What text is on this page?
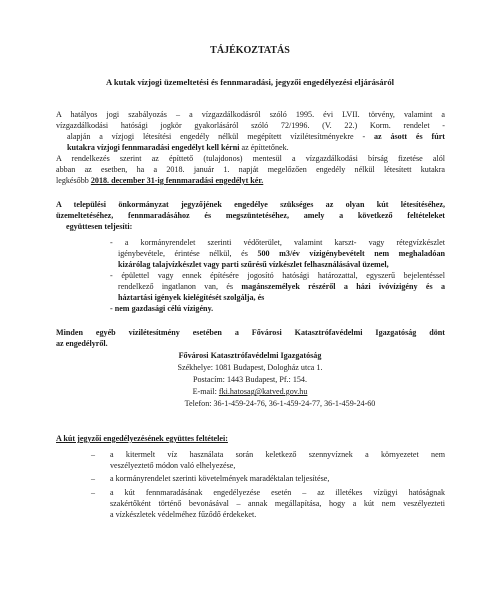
TÁJÉKOZTATÁS
A kutak vízjogi üzemeltetési és fennmaradási, jegyzői engedélyezési eljárásáról
A hatályos jogi szabályozás – a vízgazdálkodásról szóló 1995. évi LVII. törvény, valamint a
vízgazdálkodási hatósági jogkör gyakorlásáról szóló 72/1996. (V. 22.) Korm. rendelet -
alapján a vízjogi létesítési engedély nélkül megépített vízilétesítményekre - az ásott és fúrt
kutakra vízjogi fennmaradási engedélyt kell kérni az építtetőnek.
A rendelkezés szerint az építtető (tulajdonos) mentesül a vízgazdálkodási bírság fizetése alól
abban az esetben, ha a 2018. január 1. napját megelőzően engedély nélkül létesített kutakra
legkésőbb 2018. december 31-ig fennmaradási engedélyt kér.
A települési önkormányzat jegyzőjének engedélye szükséges az olyan kút létesítéséhez,
üzemeltetéséhez, fennmaradásához és megszüntetéséhez, amely a következő feltételeket
együttesen teljesíti:
- a kormányrendelet szerinti védőterület, valamint karszt- vagy rétegvízkészlet
igénybevétele, érintése nélkül, és 500 m3/év vízigénybevételt nem meghaladóan
kizárólag talajvízkészlet vagy parti szűrésű vízkészlet felhasználásával üzemel,
- épülettel vagy ennek építésére jogosító hatósági határozattal, egyszerű bejelentéssel
rendelkező ingatlanon van, és magánszemélyek részéről a házi ivóvízigény és a
háztartási igények kielégítését szolgálja, és
- nem gazdasági célú vízigény.
Minden egyéb vízilétesítmény esetében a Fővárosi Katasztrófavédelmi Igazgatóság dönt
az engedélyről.
Fővárosi Katasztrófavédelmi Igazgatóság
Székhelye: 1081 Budapest, Dologház utca 1.
Postacím: 1443 Budapest, Pf.: 154.
E-mail: fki.hatosag@katved.gov.hu
Telefon: 36-1-459-24-76, 36-1-459-24-77, 36-1-459-24-60
A kút jegyzői engedélyezésének együttes feltételei:
– a kitermelt víz használata során keletkező szennyvíznek a környezetet nem
veszélyeztető módon való elhelyezése,
– a kormányrendelet szerinti követelmények maradéktalan teljesítése,
– a kút fennmaradásának engedélyezése esetén – az illetékes vízügyi hatóságnak
szakértőként történő bevonásával – annak megállapítása, hogy a kút nem veszélyezteti
a vízkészletek védelméhez fűződő érdekeket.
